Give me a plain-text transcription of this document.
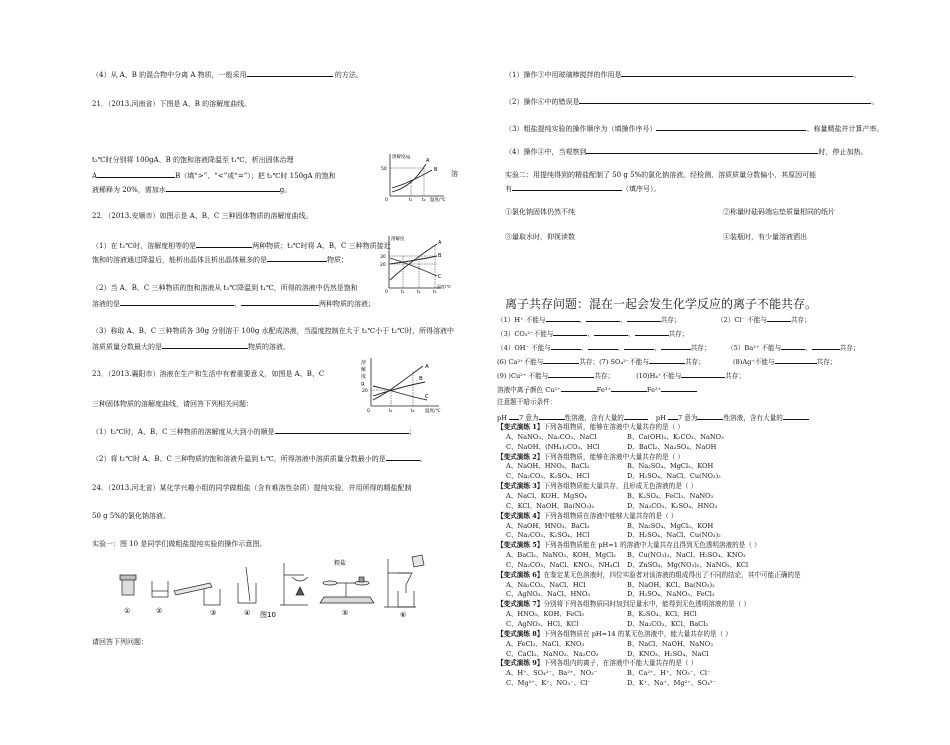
（4）从 A、B 的混合物中分离 A 物质，一般采用	的方法。
21．（2013.河南省）下图是 A、B 的溶解度曲线。
t₂℃时分别将 100gA、B 的饱和溶液降温至 t₁℃，析出固体治理
A	B（填“>”、“<”或“=”）；把 t₂℃时 150gA 的饱和	溶
液稀释为 20%，需加水	g。
溶解度/g
50
0	t₁ t₂ 温度/℃
A
B
22．（2013.安顺市）如图示是 A、B、C 三种固体物质的溶解度曲线。
（1）在 t₁℃时，溶解度相等的是	两种物质；t₃℃时将 A、B、C 三种物质接近
饱和的溶液通过降温后，能析出晶体且析出晶体最多的是	物质；
（2）当 A、B、C 三种物质的饱和溶液从 t₃℃降温到 t₁℃，所得的溶液中仍然是饱和
溶液的是	、	两种物质的溶液；
溶解度
30
20
0	t₁	t₂	t₃
温度/℃
A
B
C
（3）称取 A、B、C 三种物质各 30g 分别溶于 100g 水配成溶液，当温度控制在大于 t₁℃小于 t₂℃时，所得溶液中
溶质质量分数最大的是	物质的溶液。
23．（2013.襄阳市）溶液在生产和生活中有着重要意义，如图是 A、B、C
三种固体物质的溶解度曲线，请回答下列相关问题：
溶
解
度
g
20
0	t₁	t₂ 温度/℃
A
B
C
（1）t₂℃时，A、B、C 三种物质的溶解度从大到小的顺是	；
（2）将 t₁℃时 A、B、C 三种物质的饱和溶液升温到 t₂℃，所得溶液中溶质质量分数最小的是	。
24．（2013.河北省）某化学兴趣小组的同学做粗盐（含有难溶性杂质）提纯实验，并用所得的精盐配制
50 g 5%的氯化钠溶液。
实验一：图 10 是同学们做粗盐提纯实验的操作示意图。
粗盐
①	②	③	④	⑤	⑥
图10
请回答下列问题：
（1）操作③中用玻璃棒搅拌的作用是	。
（2）操作⑥中的错误是	。
（3）粗盐提纯实验的操作顺序为（填操作序号）	、称量精盐并计算产率。
（4）操作④中，当观察到	时，停止加热。
实验二：用提纯得到的精盐配制了 50 g 5%的氯化钠溶液。经检测，溶质质量分数偏小，其原因可能
有	（填序号）。
①氯化钠固体仍然不纯	②称量时砝码端忘垫质量相同的纸片
③量取水时，仰视读数	④装瓶时，有少量溶液洒出
离子共存问题：混在一起会发生化学反应的离子不能共存。
（1）H⁺ 不能与	、	、	共存；	（2）Cl⁻ 不能与	共存；
（3）CO₃²⁻不能与	、	、	共存；
（4）OH⁻ 不能与	、	、	、	共存；	（5）Ba²⁺ 不能与	、	共存；
(6) Ca²⁺不能与	共存；(7) SO₄²⁻不能与	共存；	(8)Ag⁺不能与	共存；
(9) )Cu²⁺ 不能与	共存；	(10)H₄⁺不能与	共存；
溶液中离子颜色 Cu²⁺	Fe³⁺	Fe²⁺
注意题干暗示条件：
pH 7 意为	性溶液，含有大量的	pH 7 意为	性溶液，含有大量的
【变式演练 1】下列各组物质，能够在溶液中大量共存的是（ ）
A、NaNO₃、Na₂CO₃、NaCl	B、Ca(OH)₂、K₂CO₃、NaNO₃
C、NaOH、(NH₄)₂CO₃、HCl	D、BaCl₂、Na₂SO₄、NaOH
【变式演练 2】下列各组物质，能够在溶液中大量共存的是（ ）
A、NaOH、HNO₃、BaCl₂	B、Na₂SO₄、MgCl₂、KOH
C、Na₂CO₃、K₂SO₄、HCl	D、H₂SO₄、NaCl、Cu(NO₃)₂
【变式演练 3】下列各组物质能大量共存，且形成无色溶液的是（ ）
A、NaCl、KOH、MgSO₄	B、K₂SO₄、FeCl₃、NaNO₃
C、KCl、NaOH、Ba(NO₃)₂	D、Na₂CO₃、K₂SO₄、HNO₃
【变式演练 4】下列各组物质在溶液中能够大量共存的是（ ）
A、NaOH、HNO₃、BaCl₂	B、Na₂SO₄、MgCl₂、KOH
C、Na₂CO₃、K₂SO₄、HCl	D、H₂SO₄、NaCl、Cu(NO₃)₂
【变式演练 5】下列各组物质能在 pH=1 的溶液中大量共存且得到无色透明溶液的是（ ）
A、BaCl₂、NaNO₃、KOH、MgCl₂ B、Cu(NO₃)₂、NaCl、H₂SO₄、KNO₃
C、Na₂CO₃、NaCl、KNO₃、NH₄Cl D、ZnSO₄、Mg(NO₃)₂、NaNO₃、KCl
【变式演练 6】在鉴定某无色溶液时，四位实验者对该溶液的组成得出了不同的结论，其中可能正确的是
A、Na₂CO₃、NaCl、HCl	B、NaOH、KCl、Ba(NO₃)₂
C、AgNO₃、NaCl、HNO₃	D、H₂SO₄、NaNO₃、FeCl₃
【变式演练 7】分别将下列各组物质同时加到足量水中，能得到无色透明溶液的是（ ）
A、HNO₃、KOH、FeCl₃	B、K₂SO₄、KCl、HCl
C、AgNO₃、HCl、KCl	D、Na₂CO₃、KCl、BaCl₂
【变式演练 8】下列各组物质在 pH=14 的某无色溶液中，能大量共存的是（ ）
A、FeCl₃、NaCl、KNO₃	B、NaCl、NaOH、NaNO₃
C、CaCl₂、NaNO₃、Na₂CO₃	D、KNO₃、H₂SO₄、NaCl
【变式演练 9】下列各组内的离子，在溶液中不能大量共存的是（ ）
A、H⁺、SO₄²⁻、Ba²⁺、NO₃⁻	B、Ca²⁺、H⁺、NO₃⁻、Cl⁻
C、Mg²⁺、K⁺、NO₃⁻、Cl⁻	D、K⁺、Na⁺、Mg²⁺、SO₄²⁻
